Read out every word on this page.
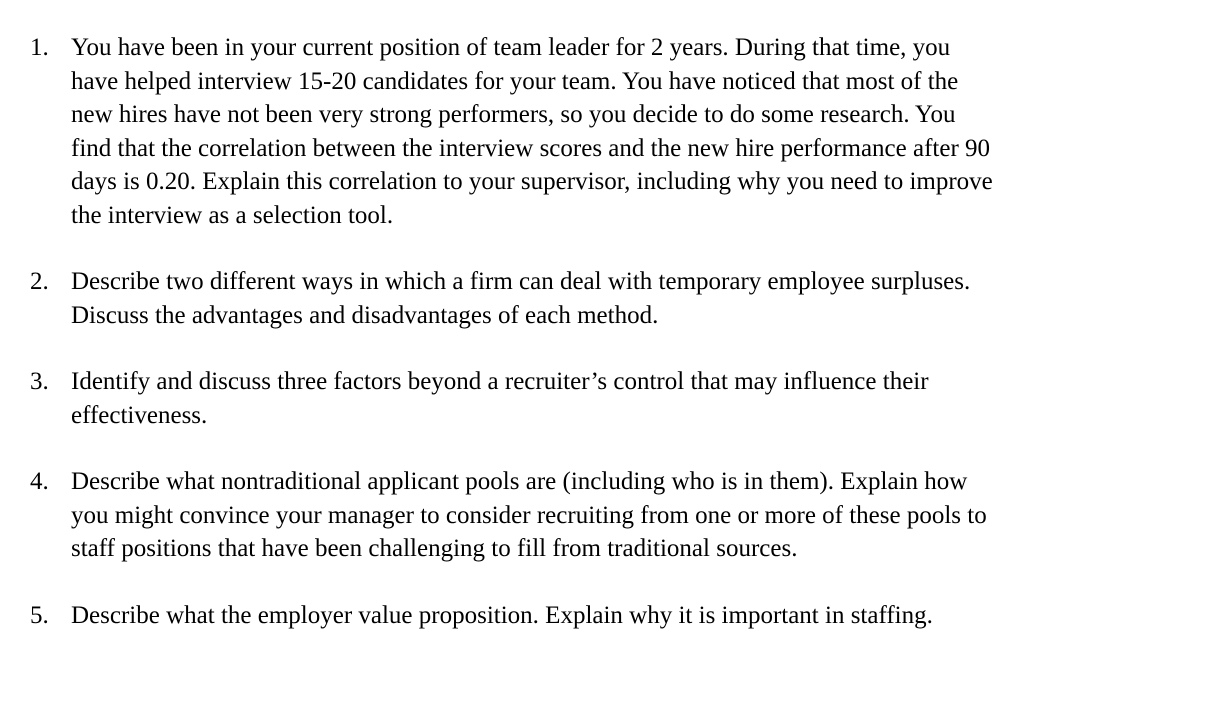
1. You have been in your current position of team leader for 2 years. During that time, you
have helped interview 15-20 candidates for your team. You have noticed that most of the
new hires have not been very strong performers, so you decide to do some research. You
find that the correlation between the interview scores and the new hire performance after 90
days is 0.20. Explain this correlation to your supervisor, including why you need to improve
the interview as a selection tool.
2. Describe two different ways in which a firm can deal with temporary employee surpluses.
Discuss the advantages and disadvantages of each method.
3. Identify and discuss three factors beyond a recruiter’s control that may influence their
effectiveness.
4. Describe what nontraditional applicant pools are (including who is in them). Explain how
you might convince your manager to consider recruiting from one or more of these pools to
staff positions that have been challenging to fill from traditional sources.
5. Describe what the employer value proposition. Explain why it is important in staffing.
